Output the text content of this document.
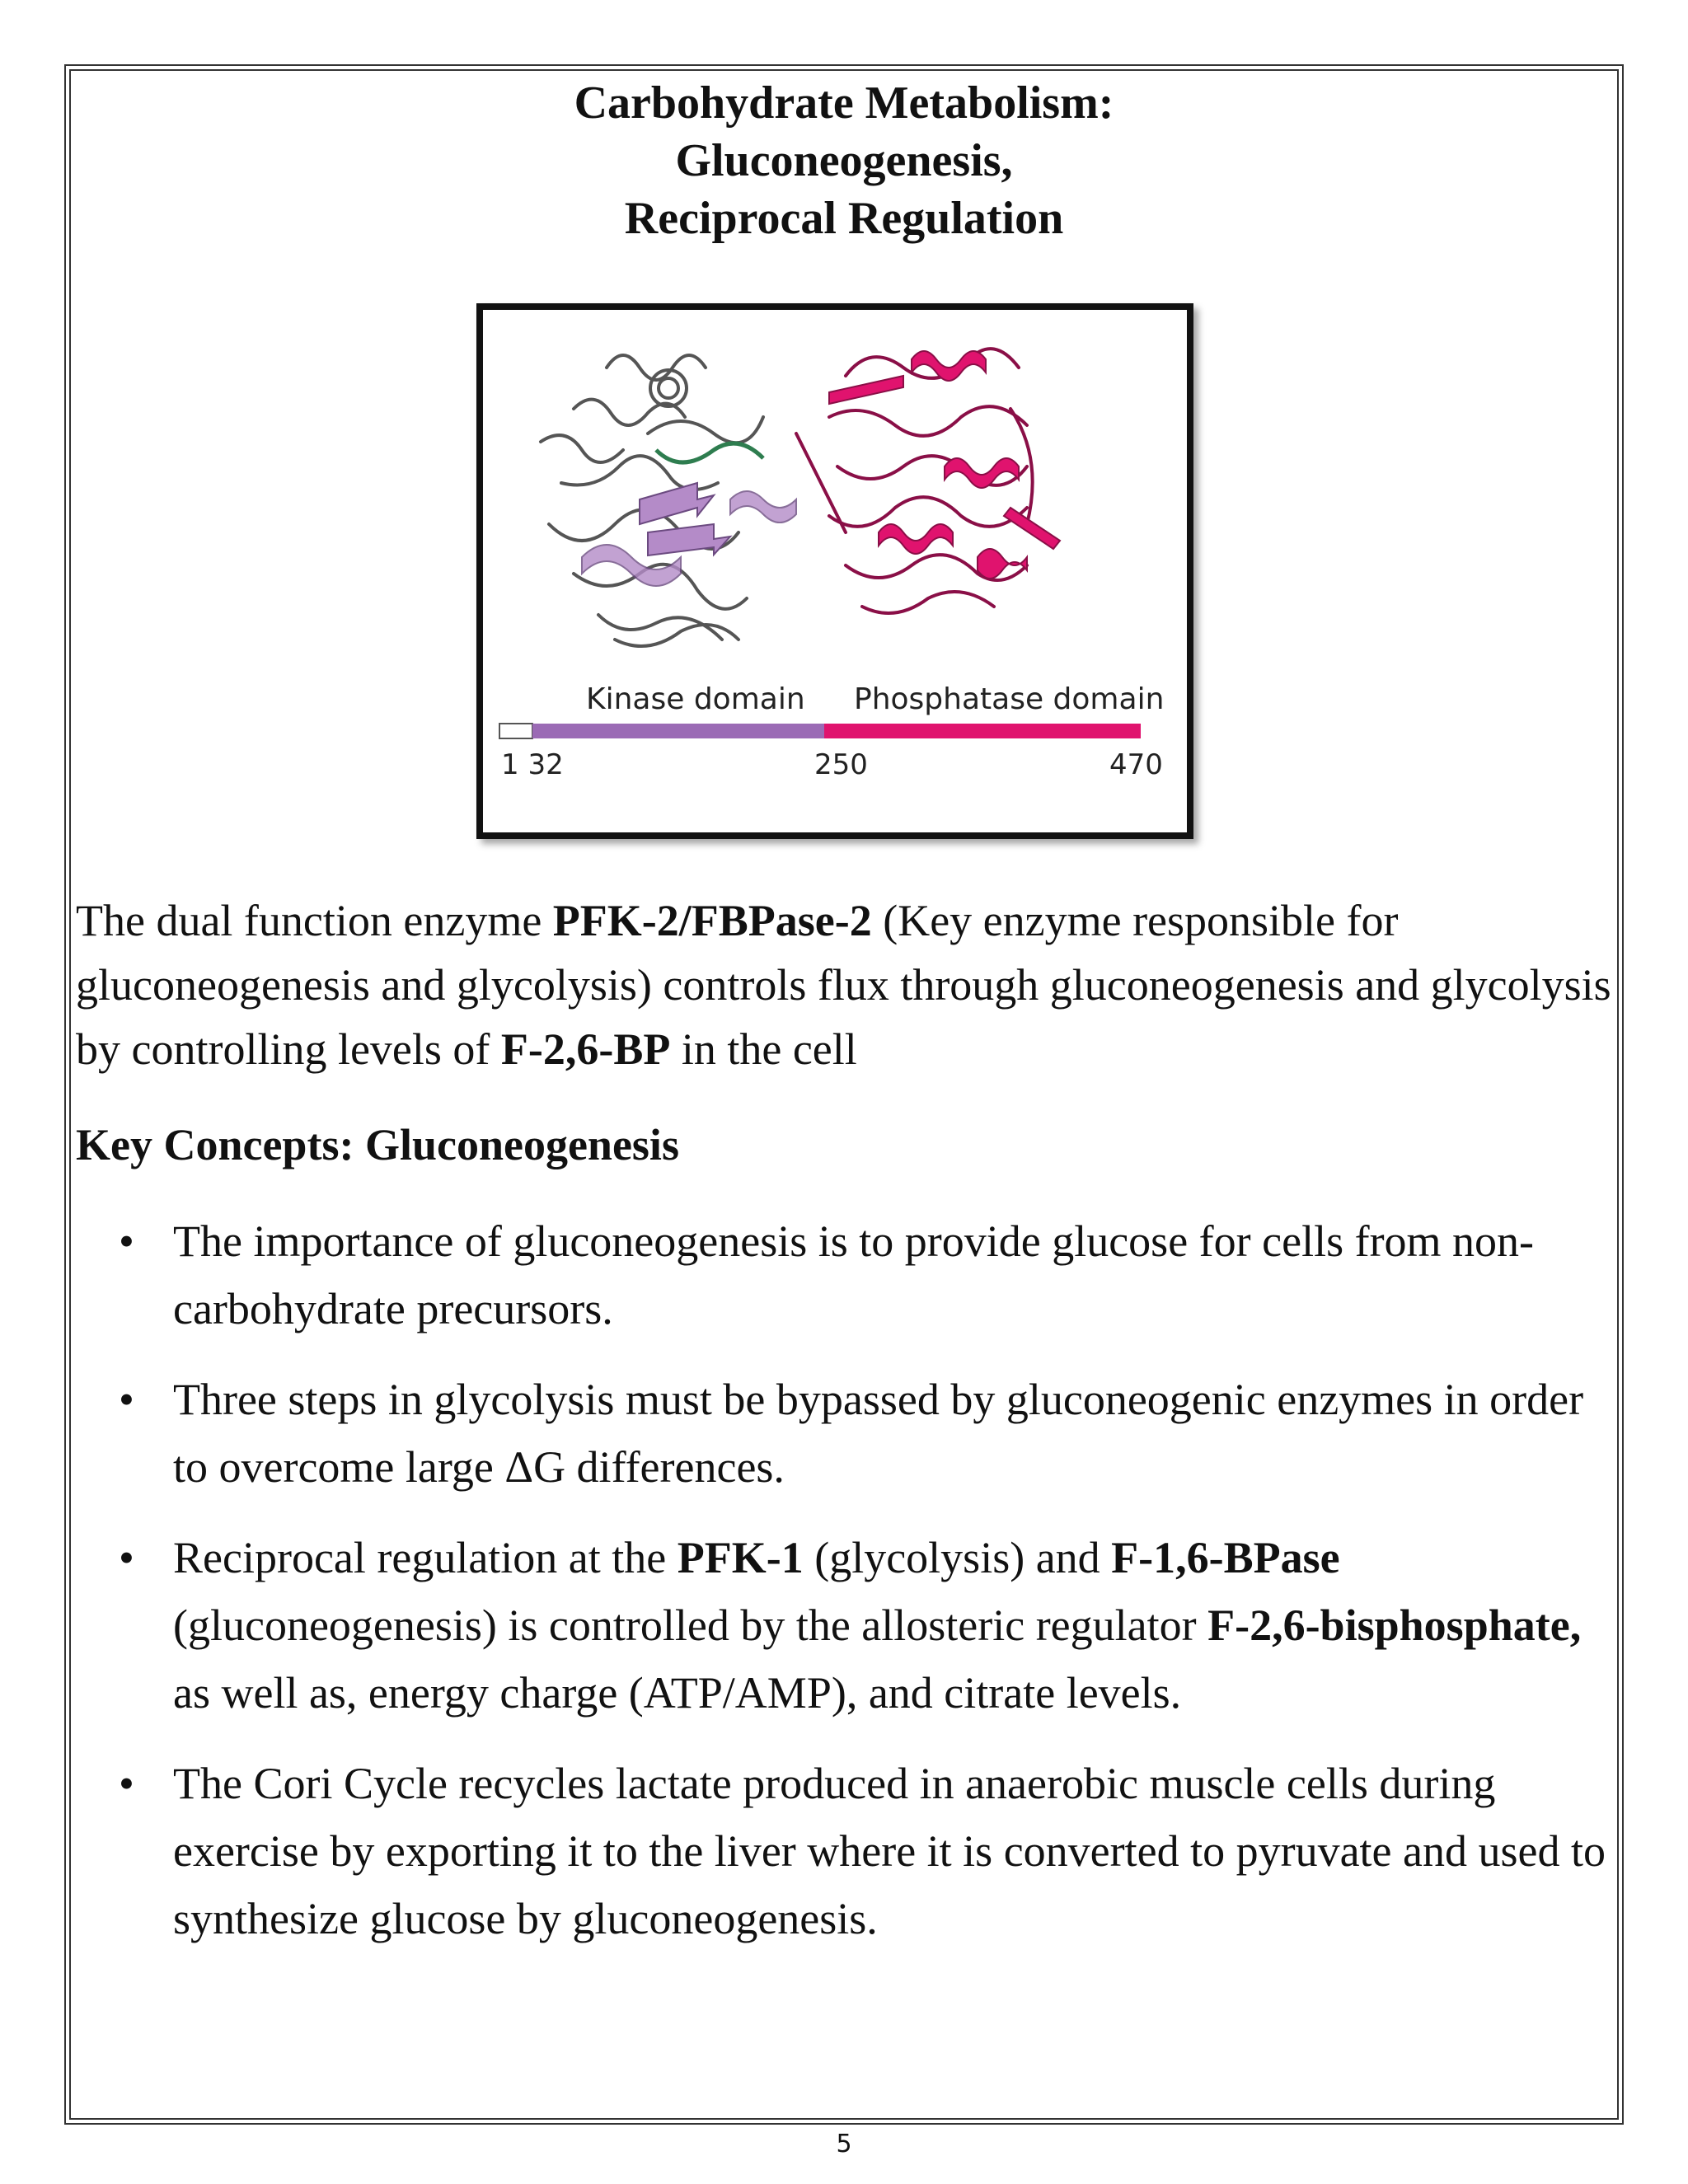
Carbohydrate Metabolism:
Gluconeogenesis,
Reciprocal Regulation
Kinase domain Phosphatase domain
1 32	250	470
The dual function enzyme PFK-2/FBPase-2 (Key enzyme responsible for gluconeogenesis and glycolysis) controls flux through gluconeogenesis and glycolysis by controlling levels of F-2,6-BP in the cell
Key Concepts: Gluconeogenesis
• The importance of gluconeogenesis is to provide glucose for cells from non-carbohydrate precursors.
• Three steps in glycolysis must be bypassed by gluconeogenic enzymes in order to overcome large ΔG differences.
• Reciprocal regulation at the PFK-1 (glycolysis) and F-1,6-BPase (gluconeogenesis) is controlled by the allosteric regulator F-2,6-bisphosphate, as well as, energy charge (ATP/AMP), and citrate levels.
• The Cori Cycle recycles lactate produced in anaerobic muscle cells during exercise by exporting it to the liver where it is converted to pyruvate and used to synthesize glucose by gluconeogenesis.
5
